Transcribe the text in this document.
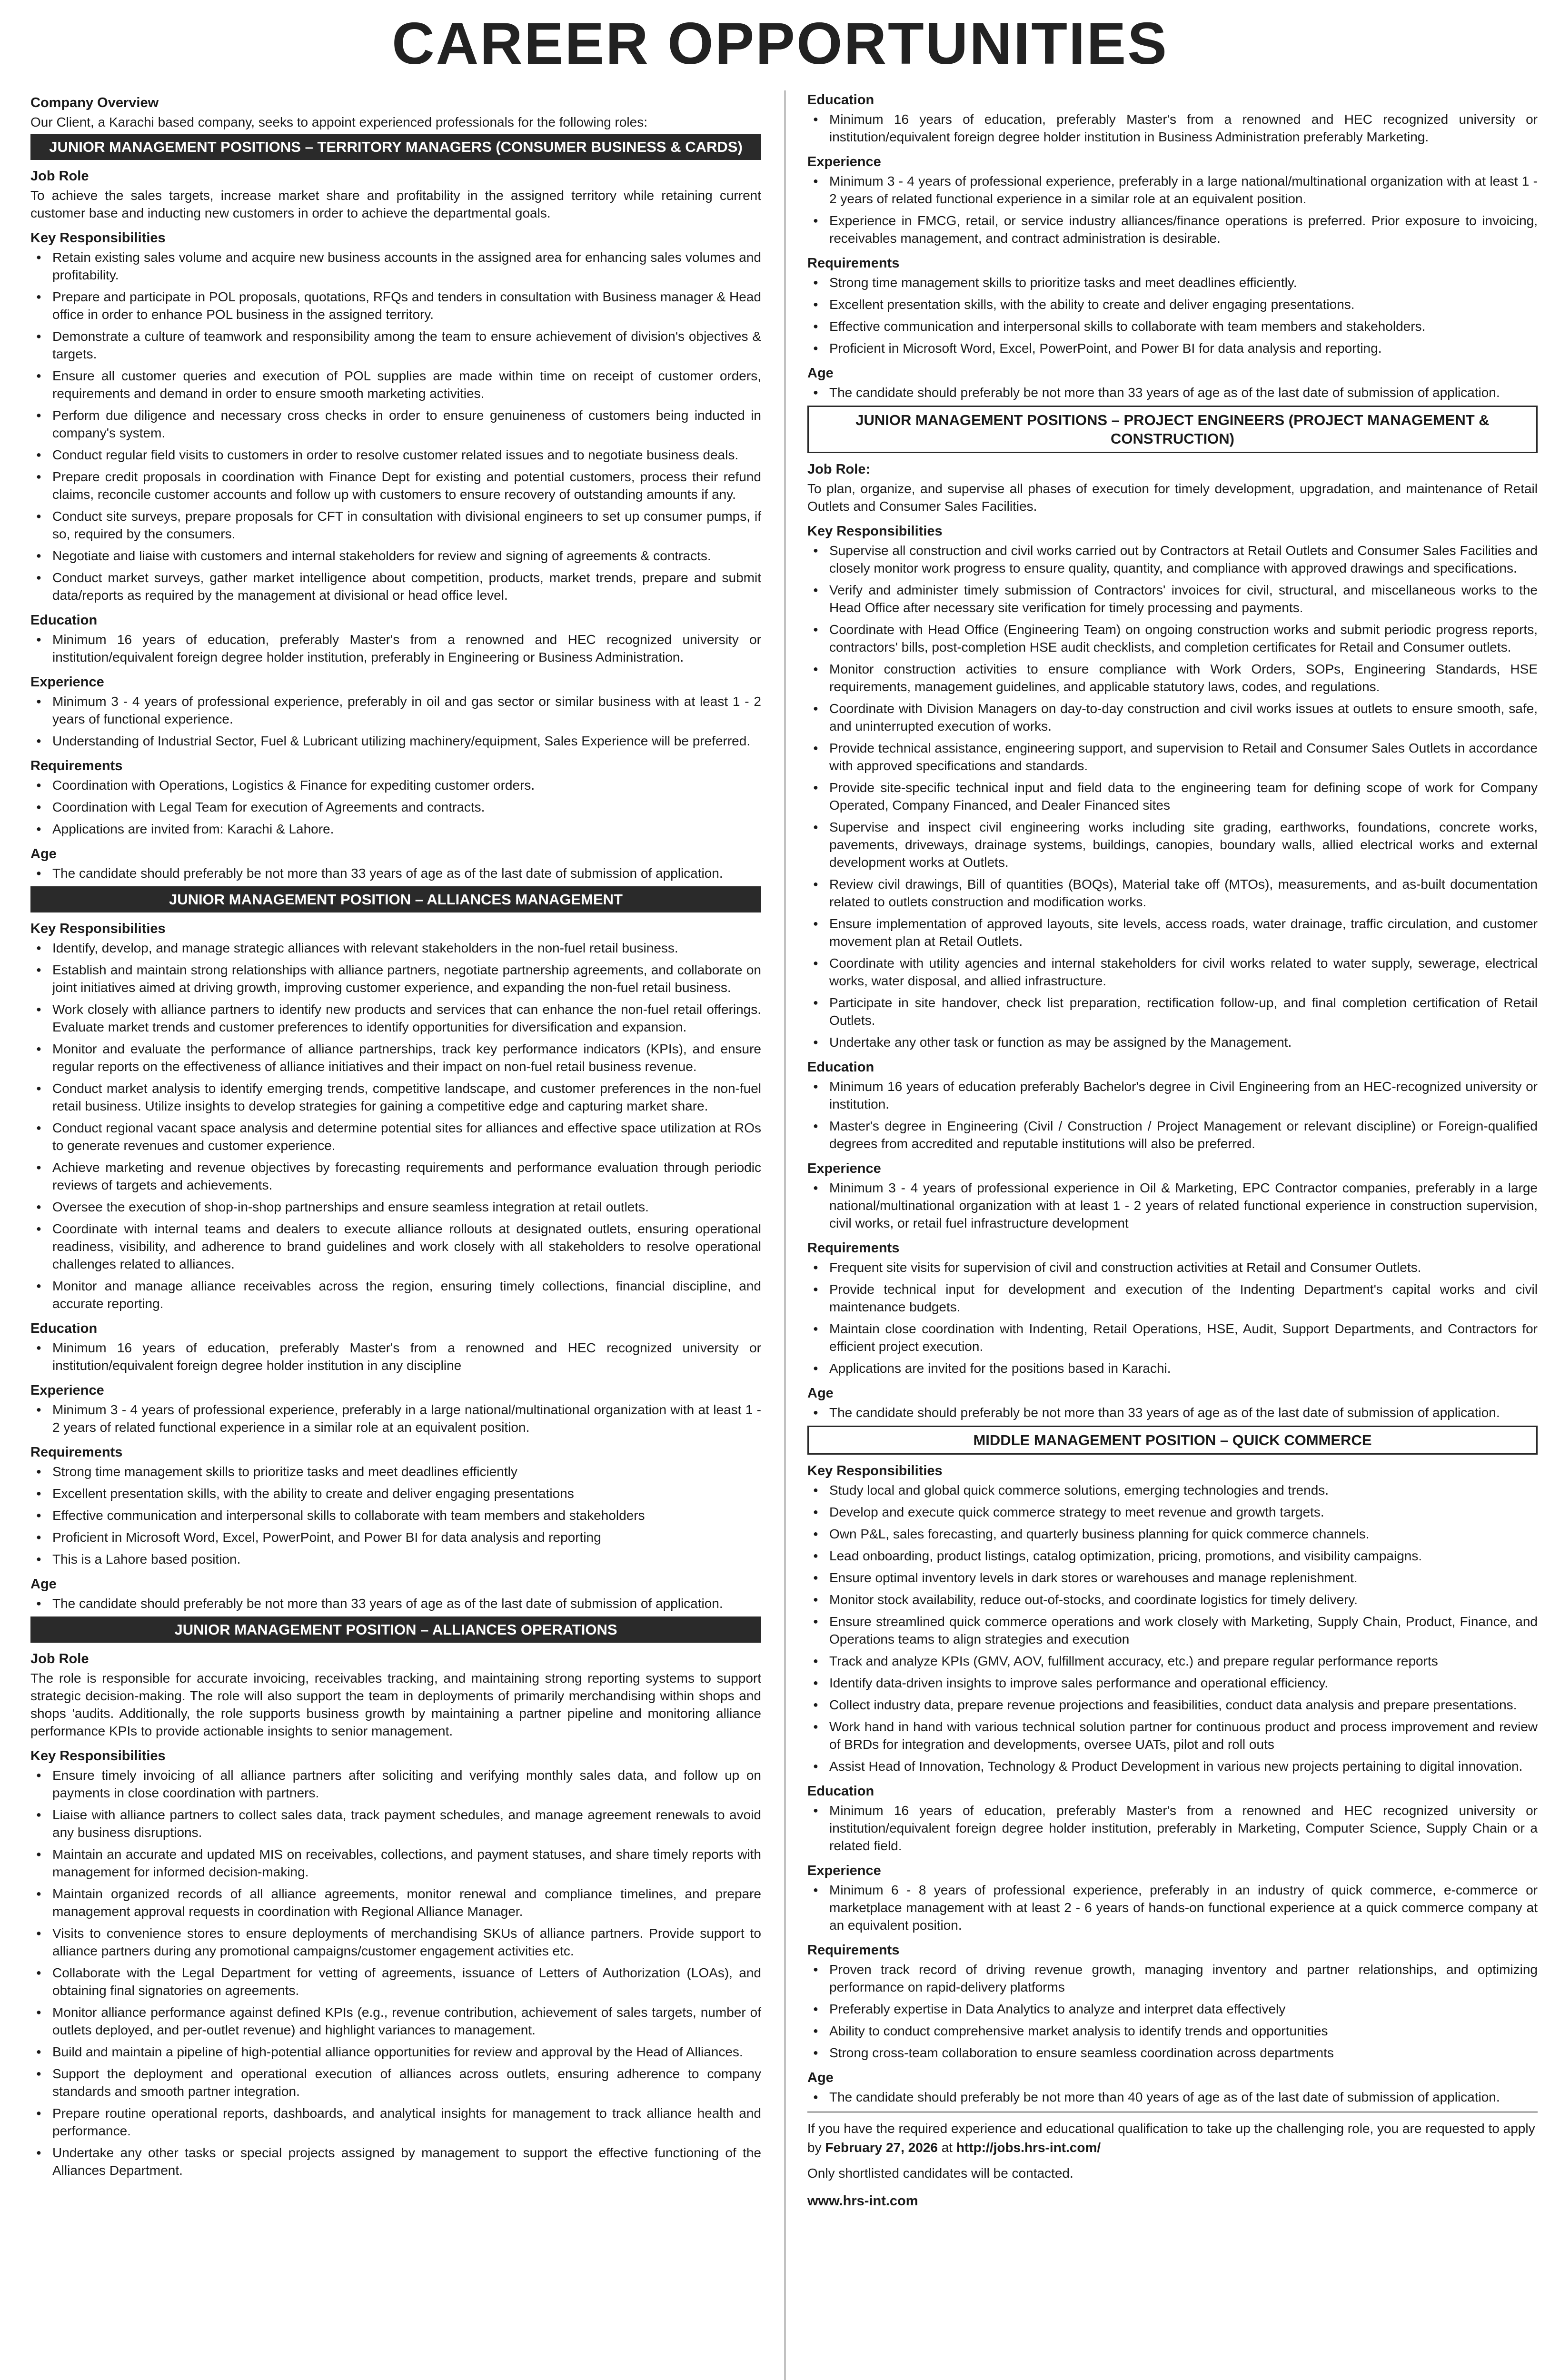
CAREER OPPORTUNITIES
Company Overview
Our Client, a Karachi based company, seeks to appoint experienced professionals for the following roles:
JUNIOR MANAGEMENT POSITIONS – TERRITORY MANAGERS (CONSUMER BUSINESS & CARDS)
Job Role
To achieve the sales targets, increase market share and profitability in the assigned territory while retaining current customer base and inducting new customers in order to achieve the departmental goals.
Key Responsibilities
● Retain existing sales volume and acquire new business accounts in the assigned area for enhancing sales volumes and profitability.
● Prepare and participate in POL proposals, quotations, RFQs and tenders in consultation with Business manager & Head office in order to enhance POL business in the assigned territory.
● Demonstrate a culture of teamwork and responsibility among the team to ensure achievement of division's objectives & targets.
● Ensure all customer queries and execution of POL supplies are made within time on receipt of customer orders, requirements and demand in order to ensure smooth marketing activities.
● Perform due diligence and necessary cross checks in order to ensure genuineness of customers being inducted in company's system.
● Conduct regular field visits to customers in order to resolve customer related issues and to negotiate business deals.
● Prepare credit proposals in coordination with Finance Dept for existing and potential customers, process their refund claims, reconcile customer accounts and follow up with customers to ensure recovery of outstanding amounts if any.
● Conduct site surveys, prepare proposals for CFT in consultation with divisional engineers to set up consumer pumps, if so, required by the consumers.
● Negotiate and liaise with customers and internal stakeholders for review and signing of agreements & contracts.
● Conduct market surveys, gather market intelligence about competition, products, market trends, prepare and submit data/reports as required by the management at divisional or head office level.
Education
● Minimum 16 years of education, preferably Master's from a renowned and HEC recognized university or institution/equivalent foreign degree holder institution, preferably in Engineering or Business Administration.
Experience
● Minimum 3 - 4 years of professional experience, preferably in oil and gas sector or similar business with at least 1 - 2 years of functional experience.
● Understanding of Industrial Sector, Fuel & Lubricant utilizing machinery/equipment, Sales Experience will be preferred.
Requirements
● Coordination with Operations, Logistics & Finance for expediting customer orders.
● Coordination with Legal Team for execution of Agreements and contracts.
● Applications are invited from: Karachi & Lahore.
Age
● The candidate should preferably be not more than 33 years of age as of the last date of submission of application.
JUNIOR MANAGEMENT POSITION – ALLIANCES MANAGEMENT
Key Responsibilities
● Identify, develop, and manage strategic alliances with relevant stakeholders in the non-fuel retail business.
● Establish and maintain strong relationships with alliance partners, negotiate partnership agreements, and collaborate on joint initiatives aimed at driving growth, improving customer experience, and expanding the non-fuel retail business.
● Work closely with alliance partners to identify new products and services that can enhance the non-fuel retail offerings. Evaluate market trends and customer preferences to identify opportunities for diversification and expansion.
● Monitor and evaluate the performance of alliance partnerships, track key performance indicators (KPIs), and ensure regular reports on the effectiveness of alliance initiatives and their impact on non-fuel retail business revenue.
● Conduct market analysis to identify emerging trends, competitive landscape, and customer preferences in the non-fuel retail business. Utilize insights to develop strategies for gaining a competitive edge and capturing market share.
● Conduct regional vacant space analysis and determine potential sites for alliances and effective space utilization at ROs to generate revenues and customer experience.
● Achieve marketing and revenue objectives by forecasting requirements and performance evaluation through periodic reviews of targets and achievements.
● Oversee the execution of shop-in-shop partnerships and ensure seamless integration at retail outlets.
● Coordinate with internal teams and dealers to execute alliance rollouts at designated outlets, ensuring operational readiness, visibility, and adherence to brand guidelines and work closely with all stakeholders to resolve operational challenges related to alliances.
● Monitor and manage alliance receivables across the region, ensuring timely collections, financial discipline, and accurate reporting.
Education
● Minimum 16 years of education, preferably Master's from a renowned and HEC recognized university or institution/equivalent foreign degree holder institution in any discipline
Experience
● Minimum 3 - 4 years of professional experience, preferably in a large national/multinational organization with at least 1 - 2 years of related functional experience in a similar role at an equivalent position.
Requirements
● Strong time management skills to prioritize tasks and meet deadlines efficiently
● Excellent presentation skills, with the ability to create and deliver engaging presentations
● Effective communication and interpersonal skills to collaborate with team members and stakeholders
● Proficient in Microsoft Word, Excel, PowerPoint, and Power BI for data analysis and reporting
● This is a Lahore based position.
Age
● The candidate should preferably be not more than 33 years of age as of the last date of submission of application.
JUNIOR MANAGEMENT POSITION – ALLIANCES OPERATIONS
Job Role
The role is responsible for accurate invoicing, receivables tracking, and maintaining strong reporting systems to support strategic decision-making. The role will also support the team in deployments of primarily merchandising within shops and shops 'audits. Additionally, the role supports business growth by maintaining a partner pipeline and monitoring alliance performance KPIs to provide actionable insights to senior management.
Key Responsibilities
● Ensure timely invoicing of all alliance partners after soliciting and verifying monthly sales data, and follow up on payments in close coordination with partners.
● Liaise with alliance partners to collect sales data, track payment schedules, and manage agreement renewals to avoid any business disruptions.
● Maintain an accurate and updated MIS on receivables, collections, and payment statuses, and share timely reports with management for informed decision-making.
● Maintain organized records of all alliance agreements, monitor renewal and compliance timelines, and prepare management approval requests in coordination with Regional Alliance Manager.
● Visits to convenience stores to ensure deployments of merchandising SKUs of alliance partners. Provide support to alliance partners during any promotional campaigns/customer engagement activities etc.
● Collaborate with the Legal Department for vetting of agreements, issuance of Letters of Authorization (LOAs), and obtaining final signatories on agreements.
● Monitor alliance performance against defined KPIs (e.g., revenue contribution, achievement of sales targets, number of outlets deployed, and per-outlet revenue) and highlight variances to management.
● Build and maintain a pipeline of high-potential alliance opportunities for review and approval by the Head of Alliances.
● Support the deployment and operational execution of alliances across outlets, ensuring adherence to company standards and smooth partner integration.
● Prepare routine operational reports, dashboards, and analytical insights for management to track alliance health and performance.
● Undertake any other tasks or special projects assigned by management to support the effective functioning of the Alliances Department.
Education
● Minimum 16 years of education, preferably Master's from a renowned and HEC recognized university or institution/equivalent foreign degree holder institution in Business Administration preferably Marketing.
Experience
● Minimum 3 - 4 years of professional experience, preferably in a large national/multinational organization with at least 1 - 2 years of related functional experience in a similar role at an equivalent position.
● Experience in FMCG, retail, or service industry alliances/finance operations is preferred. Prior exposure to invoicing, receivables management, and contract administration is desirable.
Requirements
● Strong time management skills to prioritize tasks and meet deadlines efficiently.
● Excellent presentation skills, with the ability to create and deliver engaging presentations.
● Effective communication and interpersonal skills to collaborate with team members and stakeholders.
● Proficient in Microsoft Word, Excel, PowerPoint, and Power BI for data analysis and reporting.
Age
● The candidate should preferably be not more than 33 years of age as of the last date of submission of application.
JUNIOR MANAGEMENT POSITIONS – PROJECT ENGINEERS (PROJECT MANAGEMENT & CONSTRUCTION)
Job Role:
To plan, organize, and supervise all phases of execution for timely development, upgradation, and maintenance of Retail Outlets and Consumer Sales Facilities.
Key Responsibilities
● Supervise all construction and civil works carried out by Contractors at Retail Outlets and Consumer Sales Facilities and closely monitor work progress to ensure quality, quantity, and compliance with approved drawings and specifications.
● Verify and administer timely submission of Contractors' invoices for civil, structural, and miscellaneous works to the Head Office after necessary site verification for timely processing and payments.
● Coordinate with Head Office (Engineering Team) on ongoing construction works and submit periodic progress reports, contractors' bills, post-completion HSE audit checklists, and completion certificates for Retail and Consumer outlets.
● Monitor construction activities to ensure compliance with Work Orders, SOPs, Engineering Standards, HSE requirements, management guidelines, and applicable statutory laws, codes, and regulations.
● Coordinate with Division Managers on day-to-day construction and civil works issues at outlets to ensure smooth, safe, and uninterrupted execution of works.
● Provide technical assistance, engineering support, and supervision to Retail and Consumer Sales Outlets in accordance with approved specifications and standards.
● Provide site-specific technical input and field data to the engineering team for defining scope of work for Company Operated, Company Financed, and Dealer Financed sites
● Supervise and inspect civil engineering works including site grading, earthworks, foundations, concrete works, pavements, driveways, drainage systems, buildings, canopies, boundary walls, allied electrical works and external development works at Outlets.
● Review civil drawings, Bill of quantities (BOQs), Material take off (MTOs), measurements, and as-built documentation related to outlets construction and modification works.
● Ensure implementation of approved layouts, site levels, access roads, water drainage, traffic circulation, and customer movement plan at Retail Outlets.
● Coordinate with utility agencies and internal stakeholders for civil works related to water supply, sewerage, electrical works, water disposal, and allied infrastructure.
● Participate in site handover, check list preparation, rectification follow-up, and final completion certification of Retail Outlets.
● Undertake any other task or function as may be assigned by the Management.
Education
● Minimum 16 years of education preferably Bachelor's degree in Civil Engineering from an HEC-recognized university or institution.
● Master's degree in Engineering (Civil / Construction / Project Management or relevant discipline) or Foreign-qualified degrees from accredited and reputable institutions will also be preferred.
Experience
● Minimum 3 - 4 years of professional experience in Oil & Marketing, EPC Contractor companies, preferably in a large national/multinational organization with at least 1 - 2 years of related functional experience in construction supervision, civil works, or retail fuel infrastructure development
Requirements
● Frequent site visits for supervision of civil and construction activities at Retail and Consumer Outlets.
● Provide technical input for development and execution of the Indenting Department's capital works and civil maintenance budgets.
● Maintain close coordination with Indenting, Retail Operations, HSE, Audit, Support Departments, and Contractors for efficient project execution.
● Applications are invited for the positions based in Karachi.
Age
● The candidate should preferably be not more than 33 years of age as of the last date of submission of application.
MIDDLE MANAGEMENT POSITION – QUICK COMMERCE
Key Responsibilities
● Study local and global quick commerce solutions, emerging technologies and trends.
● Develop and execute quick commerce strategy to meet revenue and growth targets.
● Own P&L, sales forecasting, and quarterly business planning for quick commerce channels.
● Lead onboarding, product listings, catalog optimization, pricing, promotions, and visibility campaigns.
● Ensure optimal inventory levels in dark stores or warehouses and manage replenishment.
● Monitor stock availability, reduce out-of-stocks, and coordinate logistics for timely delivery.
● Ensure streamlined quick commerce operations and work closely with Marketing, Supply Chain, Product, Finance, and Operations teams to align strategies and execution
● Track and analyze KPIs (GMV, AOV, fulfillment accuracy, etc.) and prepare regular performance reports
● Identify data-driven insights to improve sales performance and operational efficiency.
● Collect industry data, prepare revenue projections and feasibilities, conduct data analysis and prepare presentations.
● Work hand in hand with various technical solution partner for continuous product and process improvement and review of BRDs for integration and developments, oversee UATs, pilot and roll outs
● Assist Head of Innovation, Technology & Product Development in various new projects pertaining to digital innovation.
Education
● Minimum 16 years of education, preferably Master's from a renowned and HEC recognized university or institution/equivalent foreign degree holder institution, preferably in Marketing, Computer Science, Supply Chain or a related field.
Experience
● Minimum 6 - 8 years of professional experience, preferably in an industry of quick commerce, e-commerce or marketplace management with at least 2 - 6 years of hands-on functional experience at a quick commerce company at an equivalent position.
Requirements
● Proven track record of driving revenue growth, managing inventory and partner relationships, and optimizing performance on rapid-delivery platforms
● Preferably expertise in Data Analytics to analyze and interpret data effectively
● Ability to conduct comprehensive market analysis to identify trends and opportunities
● Strong cross-team collaboration to ensure seamless coordination across departments
Age
● The candidate should preferably be not more than 40 years of age as of the last date of submission of application.
If you have the required experience and educational qualification to take up the challenging role, you are requested to apply by February 27, 2026 at http://jobs.hrs-int.com/
Only shortlisted candidates will be contacted.
www.hrs-int.com
